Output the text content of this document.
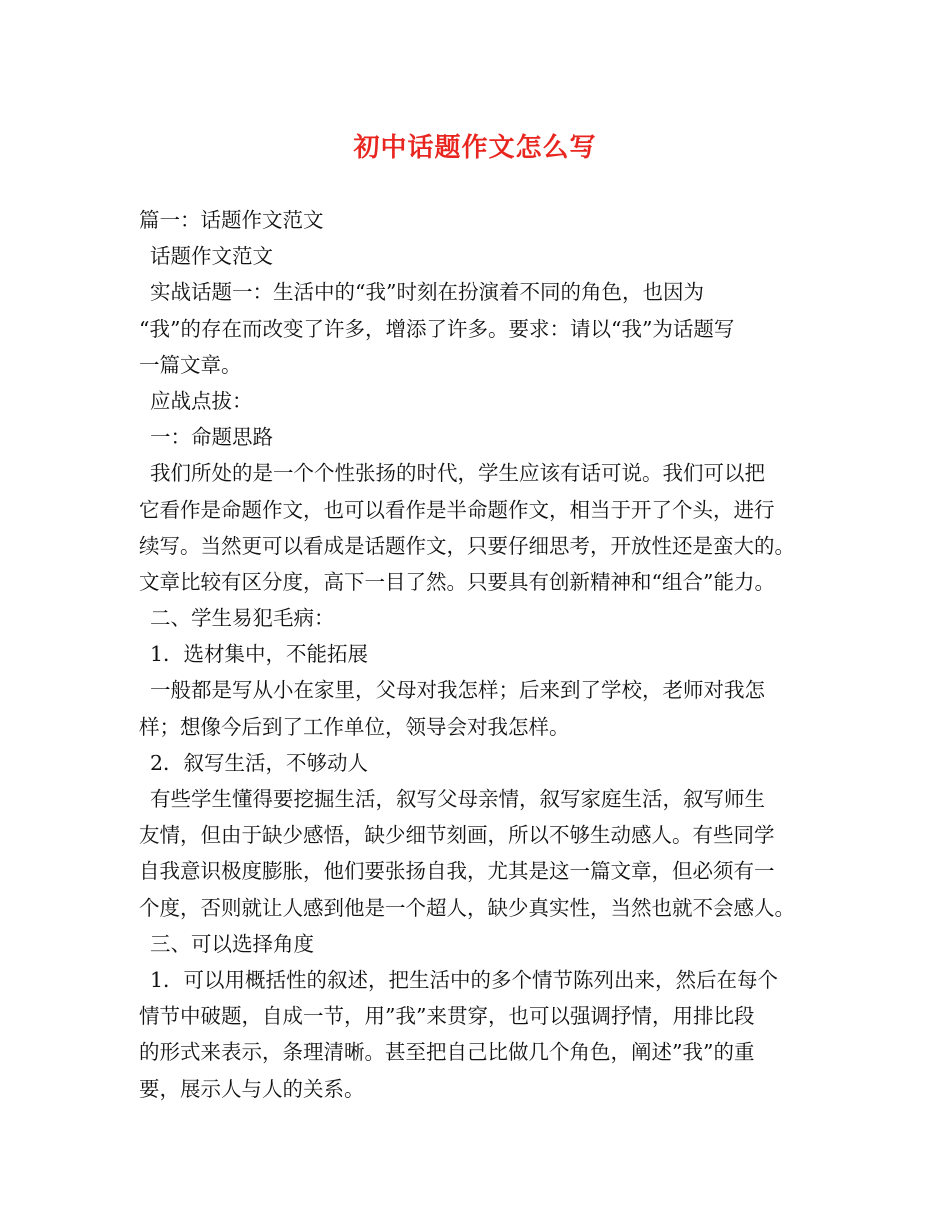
初中话题作文怎么写
篇一：话题作文范文
话题作文范文
实战话题一：生活中的“我”时刻在扮演着不同的角色，也因为
“我”的存在而改变了许多，增添了许多。要求：请以“我”为话题写
一篇文章。
应战点拔：
一：命题思路
我们所处的是一个个性张扬的时代，学生应该有话可说。我们可以把
它看作是命题作文，也可以看作是半命题作文，相当于开了个头，进行
续写。当然更可以看成是话题作文，只要仔细思考，开放性还是蛮大的。
文章比较有区分度，高下一目了然。只要具有创新精神和“组合”能力。
二、学生易犯毛病：
1．选材集中，不能拓展
一般都是写从小在家里，父母对我怎样；后来到了学校，老师对我怎
样；想像今后到了工作单位，领导会对我怎样。
2．叙写生活，不够动人
有些学生懂得要挖掘生活，叙写父母亲情，叙写家庭生活，叙写师生
友情，但由于缺少感悟，缺少细节刻画，所以不够生动感人。有些同学
自我意识极度膨胀，他们要张扬自我，尤其是这一篇文章，但必须有一
个度，否则就让人感到他是一个超人，缺少真实性，当然也就不会感人。
三、可以选择角度
1．可以用概括性的叙述，把生活中的多个情节陈列出来，然后在每个
情节中破题，自成一节，用”我”来贯穿，也可以强调抒情，用排比段
的形式来表示，条理清晰。甚至把自己比做几个角色，阐述”我”的重
要，展示人与人的关系。
